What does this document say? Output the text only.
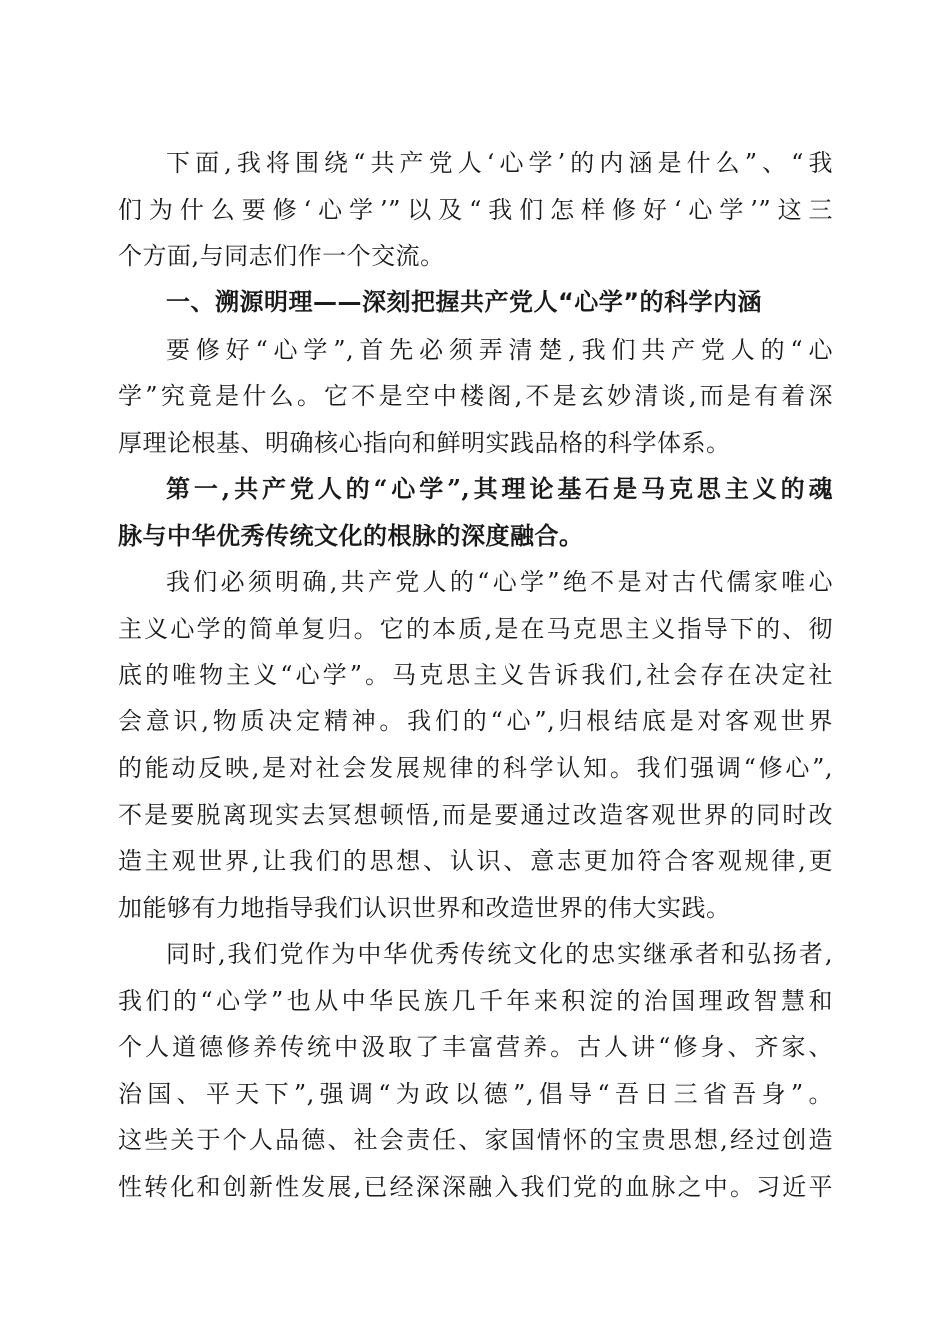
下面,我将围绕“共产党人‘心学’的内涵是什么”、“我

们为什么要修‘心学’”以及“我们怎样修好‘心学’”这三

个方面,与同志们作一个交流。

一、溯源明理——深刻把握共产党人“心学”的科学内涵

要修好“心学”,首先必须弄清楚,我们共产党人的“心

学”究竟是什么。它不是空中楼阁,不是玄妙清谈,而是有着深

厚理论根基、明确核心指向和鲜明实践品格的科学体系。

第一,共产党人的“心学”,其理论基石是马克思主义的魂

脉与中华优秀传统文化的根脉的深度融合。

我们必须明确,共产党人的“心学”绝不是对古代儒家唯心

主义心学的简单复归。它的本质,是在马克思主义指导下的、彻

底的唯物主义“心学”。马克思主义告诉我们,社会存在决定社

会意识,物质决定精神。我们的“心”,归根结底是对客观世界

的能动反映,是对社会发展规律的科学认知。我们强调“修心”,

不是要脱离现实去冥想顿悟,而是要通过改造客观世界的同时改

造主观世界,让我们的思想、认识、意志更加符合客观规律,更

加能够有力地指导我们认识世界和改造世界的伟大实践。

同时,我们党作为中华优秀传统文化的忠实继承者和弘扬者,

我们的“心学”也从中华民族几千年来积淀的治国理政智慧和

个人道德修养传统中汲取了丰富营养。古人讲“修身、齐家、

治国、平天下”,强调“为政以德”,倡导“吾日三省吾身”。

这些关于个人品德、社会责任、家国情怀的宝贵思想,经过创造

性转化和创新性发展,已经深深融入我们党的血脉之中。习近平
